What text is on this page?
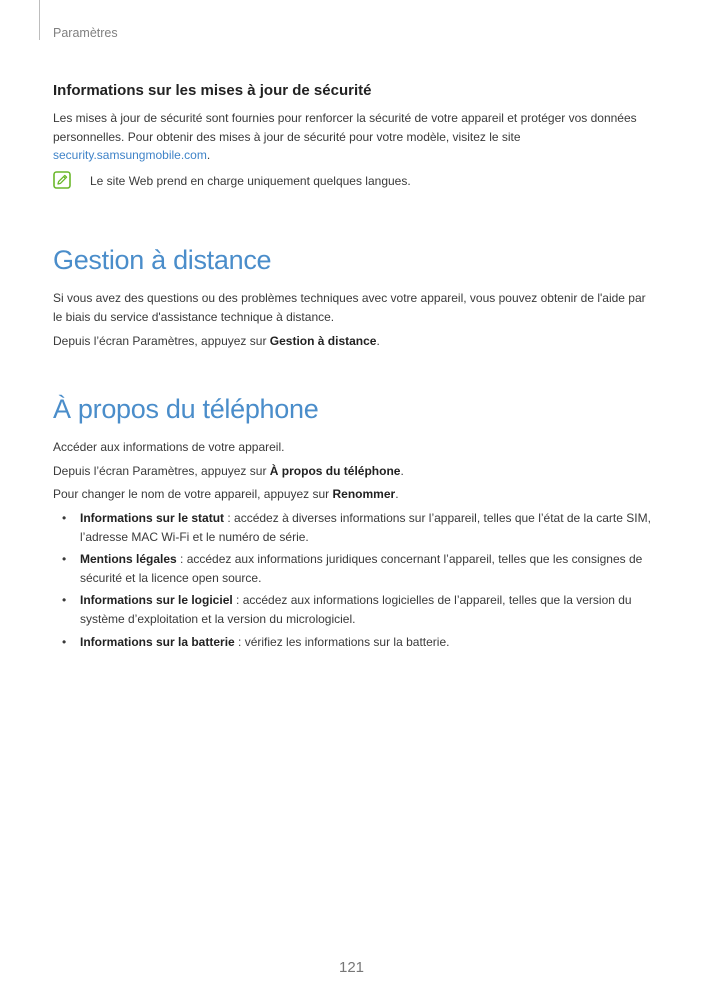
Paramètres
Informations sur les mises à jour de sécurité

Les mises à jour de sécurité sont fournies pour renforcer la sécurité de votre appareil et protéger vos données personnelles. Pour obtenir des mises à jour de sécurité pour votre modèle, visitez le site security.samsungmobile.com.

Le site Web prend en charge uniquement quelques langues.

Gestion à distance

Si vous avez des questions ou des problèmes techniques avec votre appareil, vous pouvez obtenir de l'aide par le biais du service d'assistance technique à distance.

Depuis l’écran Paramètres, appuyez sur Gestion à distance.

À propos du téléphone

Accéder aux informations de votre appareil.

Depuis l’écran Paramètres, appuyez sur À propos du téléphone.

Pour changer le nom de votre appareil, appuyez sur Renommer.

• Informations sur le statut : accédez à diverses informations sur l’appareil, telles que l’état de la carte SIM, l’adresse MAC Wi-Fi et le numéro de série.
• Mentions légales : accédez aux informations juridiques concernant l’appareil, telles que les consignes de sécurité et la licence open source.
• Informations sur le logiciel : accédez aux informations logicielles de l’appareil, telles que la version du système d’exploitation et la version du micrologiciel.
• Informations sur la batterie : vérifiez les informations sur la batterie.
121
